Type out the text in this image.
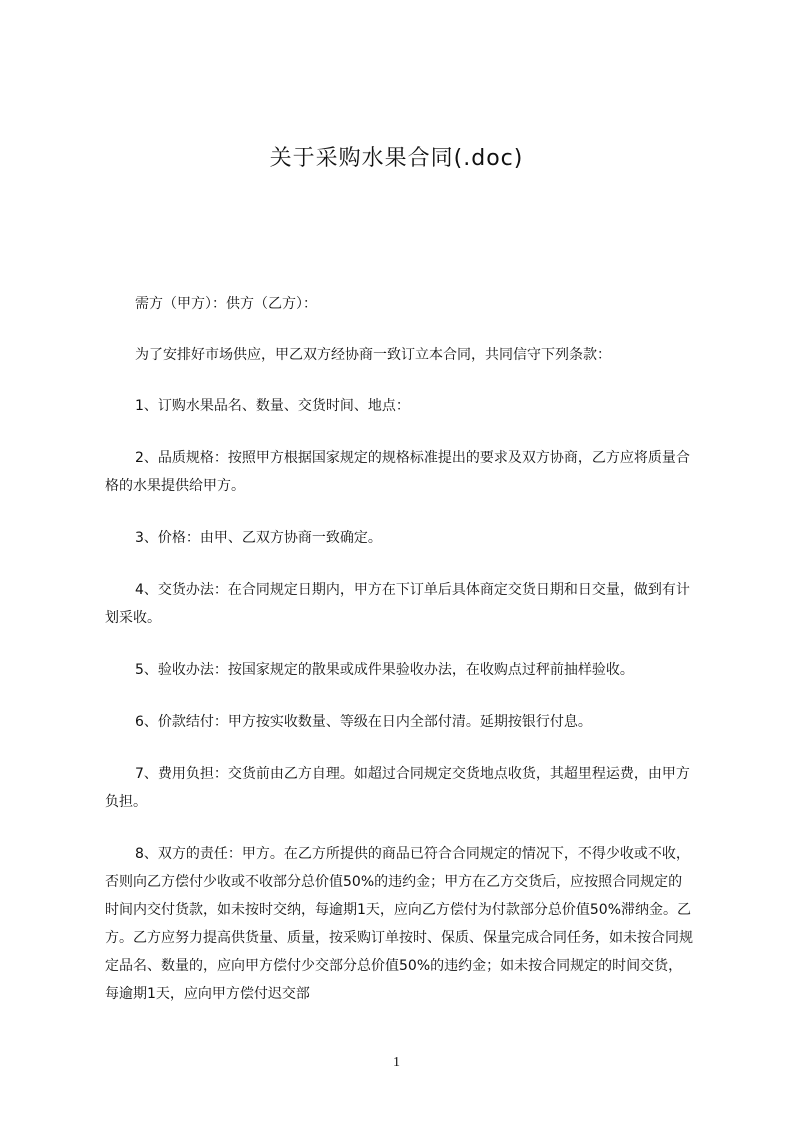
关于采购水果合同(.doc)

需方（甲方）：供方（乙方）：

为了安排好市场供应，甲乙双方经协商一致订立本合同，共同信守下列条款：

1、订购水果品名、数量、交货时间、地点：

2、品质规格：按照甲方根据国家规定的规格标准提出的要求及双方协商，乙方应将质量合格的水果提供给甲方。

3、价格：由甲、乙双方协商一致确定。

4、交货办法：在合同规定日期内，甲方在下订单后具体商定交货日期和日交量，做到有计划采收。

5、验收办法：按国家规定的散果或成件果验收办法，在收购点过秤前抽样验收。

6、价款结付：甲方按实收数量、等级在日内全部付清。延期按银行付息。

7、费用负担：交货前由乙方自理。如超过合同规定交货地点收货，其超里程运费，由甲方负担。

8、双方的责任：甲方。在乙方所提供的商品已符合合同规定的情况下，不得少收或不收，否则向乙方偿付少收或不收部分总价值50%的违约金；甲方在乙方交货后，应按照合同规定的时间内交付货款，如未按时交纳，每逾期1天，应向乙方偿付为付款部分总价值50%滞纳金。乙方。乙方应努力提高供货量、质量，按采购订单按时、保质、保量完成合同任务，如未按合同规定品名、数量的，应向甲方偿付少交部分总价值50%的违约金；如未按合同规定的时间交货，每逾期1天，应向甲方偿付迟交部

1
